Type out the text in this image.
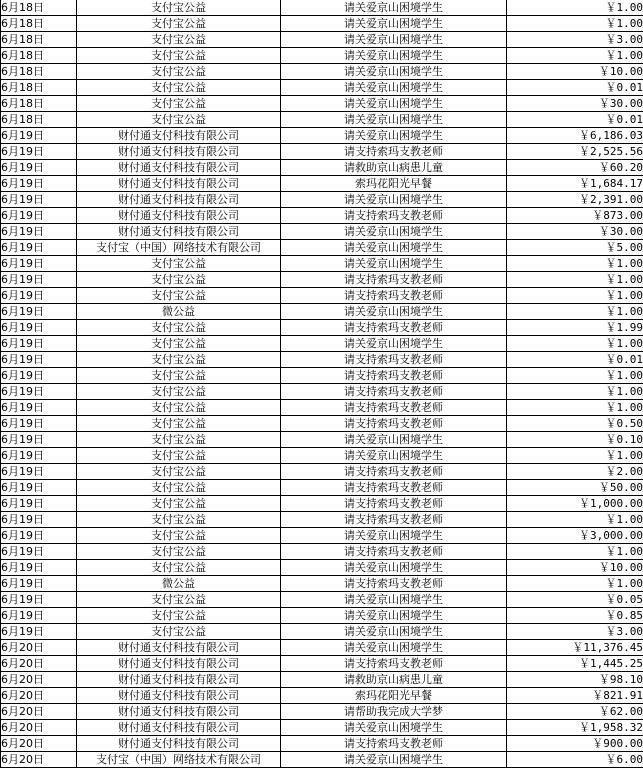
6月18日	支付宝公益	请关爱京山困境学生	￥1.00
6月18日	支付宝公益	请关爱京山困境学生	￥1.00
6月18日	支付宝公益	请关爱京山困境学生	￥3.00
6月18日	支付宝公益	请关爱京山困境学生	￥1.00
6月18日	支付宝公益	请关爱京山困境学生	￥10.00
6月18日	支付宝公益	请关爱京山困境学生	￥0.01
6月18日	支付宝公益	请关爱京山困境学生	￥30.00
6月18日	支付宝公益	请关爱京山困境学生	￥0.01
6月19日	财付通支付科技有限公司	请关爱京山困境学生	￥6,186.03
6月19日	财付通支付科技有限公司	请支持索玛支教老师	￥2,525.56
6月19日	财付通支付科技有限公司	请救助京山病患儿童	￥60.20
6月19日	财付通支付科技有限公司	索玛花阳光早餐	￥1,684.17
6月19日	财付通支付科技有限公司	请关爱京山困境学生	￥2,391.00
6月19日	财付通支付科技有限公司	请支持索玛支教老师	￥873.00
6月19日	财付通支付科技有限公司	请关爱京山困境学生	￥30.00
6月19日	支付宝（中国）网络技术有限公司	请关爱京山困境学生	￥5.00
6月19日	支付宝公益	请关爱京山困境学生	￥1.00
6月19日	支付宝公益	请支持索玛支教老师	￥1.00
6月19日	支付宝公益	请支持索玛支教老师	￥1.00
6月19日	微公益	请关爱京山困境学生	￥1.00
6月19日	支付宝公益	请支持索玛支教老师	￥1.99
6月19日	支付宝公益	请关爱京山困境学生	￥1.00
6月19日	支付宝公益	请支持索玛支教老师	￥0.01
6月19日	支付宝公益	请支持索玛支教老师	￥1.00
6月19日	支付宝公益	请支持索玛支教老师	￥1.00
6月19日	支付宝公益	请支持索玛支教老师	￥1.00
6月19日	支付宝公益	请支持索玛支教老师	￥0.50
6月19日	支付宝公益	请关爱京山困境学生	￥0.10
6月19日	支付宝公益	请关爱京山困境学生	￥1.00
6月19日	支付宝公益	请支持索玛支教老师	￥2.00
6月19日	支付宝公益	请支持索玛支教老师	￥50.00
6月19日	支付宝公益	请支持索玛支教老师	￥1,000.00
6月19日	支付宝公益	请支持索玛支教老师	￥1.00
6月19日	支付宝公益	请关爱京山困境学生	￥3,000.00
6月19日	支付宝公益	请支持索玛支教老师	￥1.00
6月19日	支付宝公益	请关爱京山困境学生	￥10.00
6月19日	微公益	请支持索玛支教老师	￥1.00
6月19日	支付宝公益	请关爱京山困境学生	￥0.05
6月19日	支付宝公益	请关爱京山困境学生	￥0.85
6月19日	支付宝公益	请关爱京山困境学生	￥3.00
6月20日	财付通支付科技有限公司	请关爱京山困境学生	￥11,376.45
6月20日	财付通支付科技有限公司	请支持索玛支教老师	￥1,445.25
6月20日	财付通支付科技有限公司	请救助京山病患儿童	￥98.10
6月20日	财付通支付科技有限公司	索玛花阳光早餐	￥821.91
6月20日	财付通支付科技有限公司	请帮助我完成大学梦	￥62.00
6月20日	财付通支付科技有限公司	请关爱京山困境学生	￥1,958.32
6月20日	财付通支付科技有限公司	请支持索玛支教老师	￥900.00
6月20日	支付宝（中国）网络技术有限公司	请关爱京山困境学生	￥6.00
